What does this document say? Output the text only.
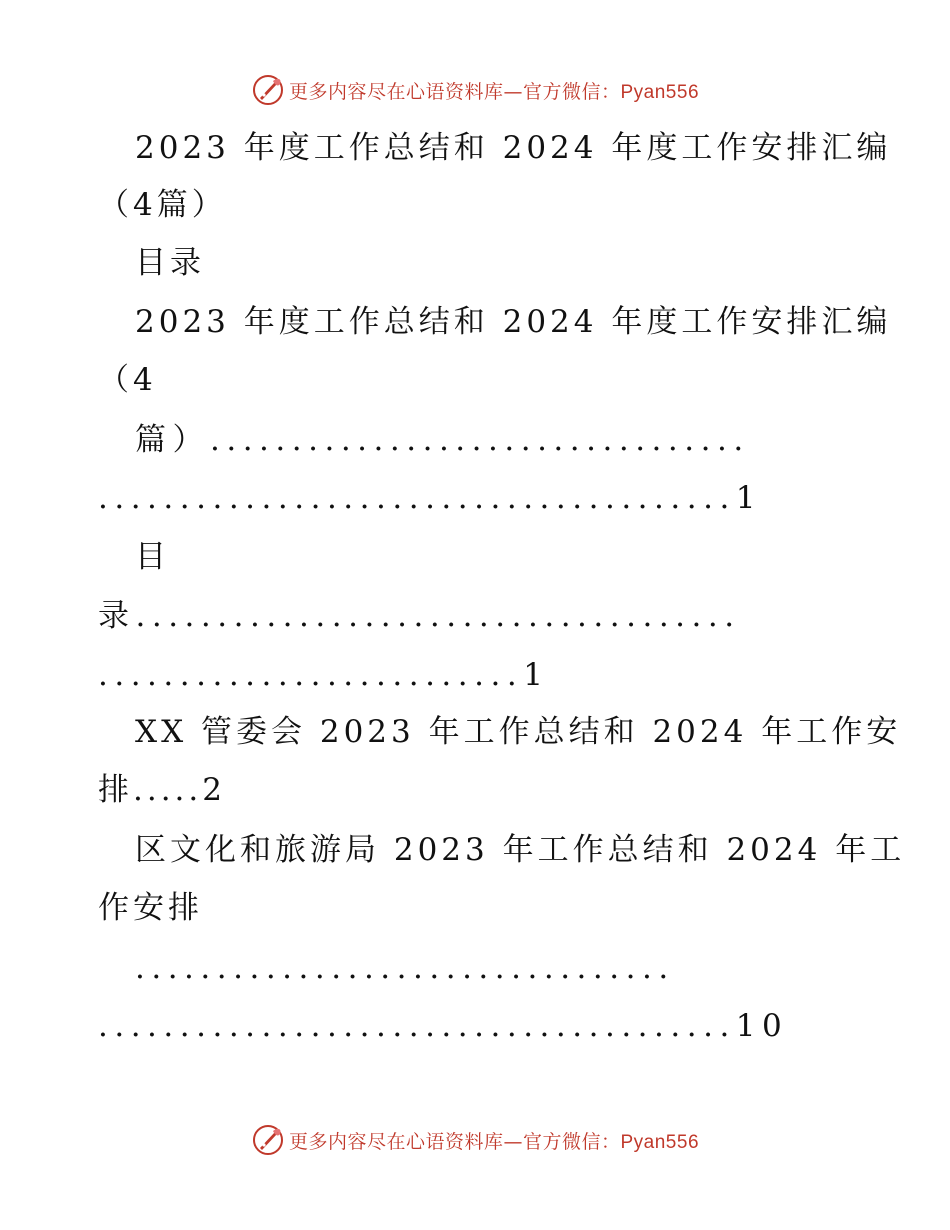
更多内容尽在心语资料库—官方微信：Pyan556
2023 年度工作总结和 2024 年度工作安排汇编
（4篇）
目录
2023 年度工作总结和 2024 年度工作安排汇编
（4
篇）.................................
.......................................1
目
录.....................................
..........................1
XX 管委会 2023 年工作总结和 2024 年工作安
排.....2
区文化和旅游局 2023 年工作总结和 2024 年工
作安排
.................................
.......................................10
更多内容尽在心语资料库—官方微信：Pyan556
